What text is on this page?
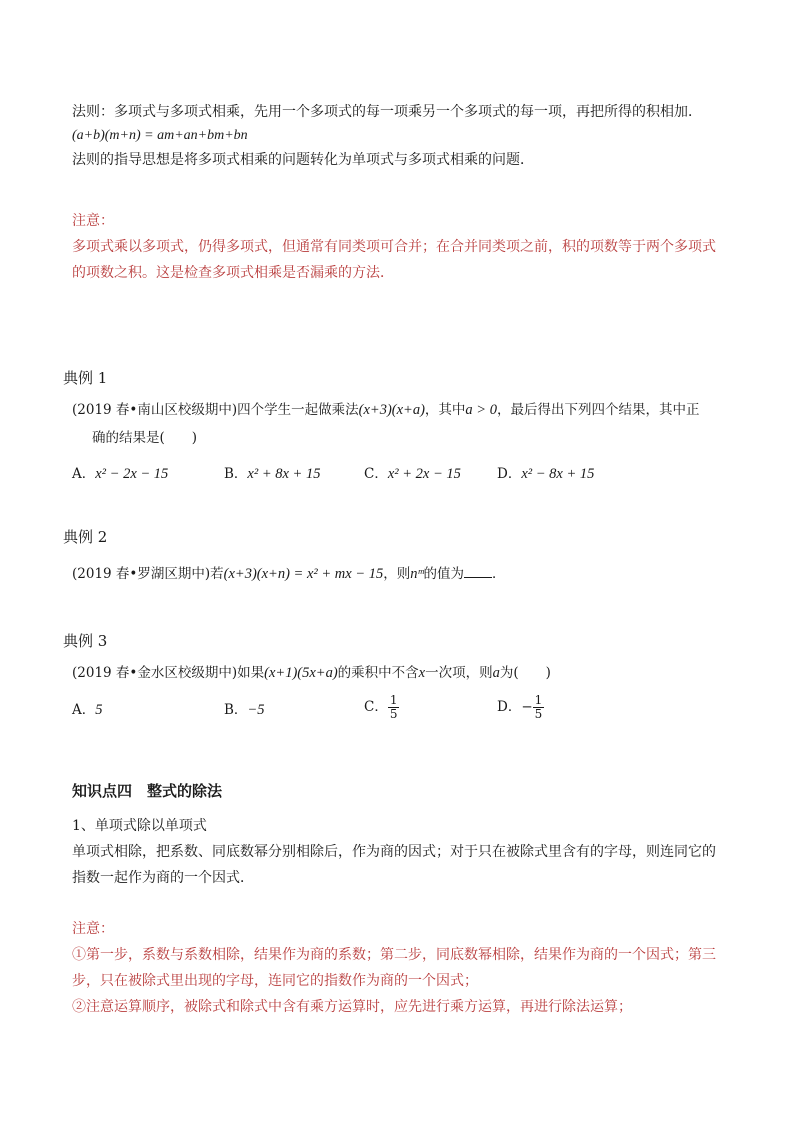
法则：多项式与多项式相乘，先用一个多项式的每一项乘另一个多项式的每一项，再把所得的积相加．
(a+b)(m+n) = am+an+bm+bn
法则的指导思想是将多项式相乘的问题转化为单项式与多项式相乘的问题．
注意：
多项式乘以多项式，仍得多项式，但通常有同类项可合并；在合并同类项之前，积的项数等于两个多项式的项数之积。这是检查多项式相乘是否漏乘的方法．
典例 1
(2019 春•南山区校级期中)四个学生一起做乘法(x+3)(x+a)，其中a > 0，最后得出下列四个结果，其中正
确的结果是(　　)
A．x² − 2x − 15	B．x² + 8x + 15	C．x² + 2x − 15	D．x² − 8x + 15
典例 2
(2019 春•罗湖区期中)若(x+3)(x+n) = x² + mx − 15，则nᵐ的值为 ．
典例 3
(2019 春•金水区校级期中)如果(x+1)(5x+a)的乘积中不含x一次项，则a为(　　)
A．5	B．−5	C． $\frac{1}{5}$	D．− $\frac{1}{5}$
知识点四　整式的除法
1、单项式除以单项式
单项式相除，把系数、同底数幂分别相除后，作为商的因式；对于只在被除式里含有的字母，则连同它的指数一起作为商的一个因式．
注意：
①第一步，系数与系数相除，结果作为商的系数；第二步，同底数幂相除，结果作为商的一个因式；第三步，只在被除式里出现的字母，连同它的指数作为商的一个因式；
②注意运算顺序，被除式和除式中含有乘方运算时，应先进行乘方运算，再进行除法运算；
